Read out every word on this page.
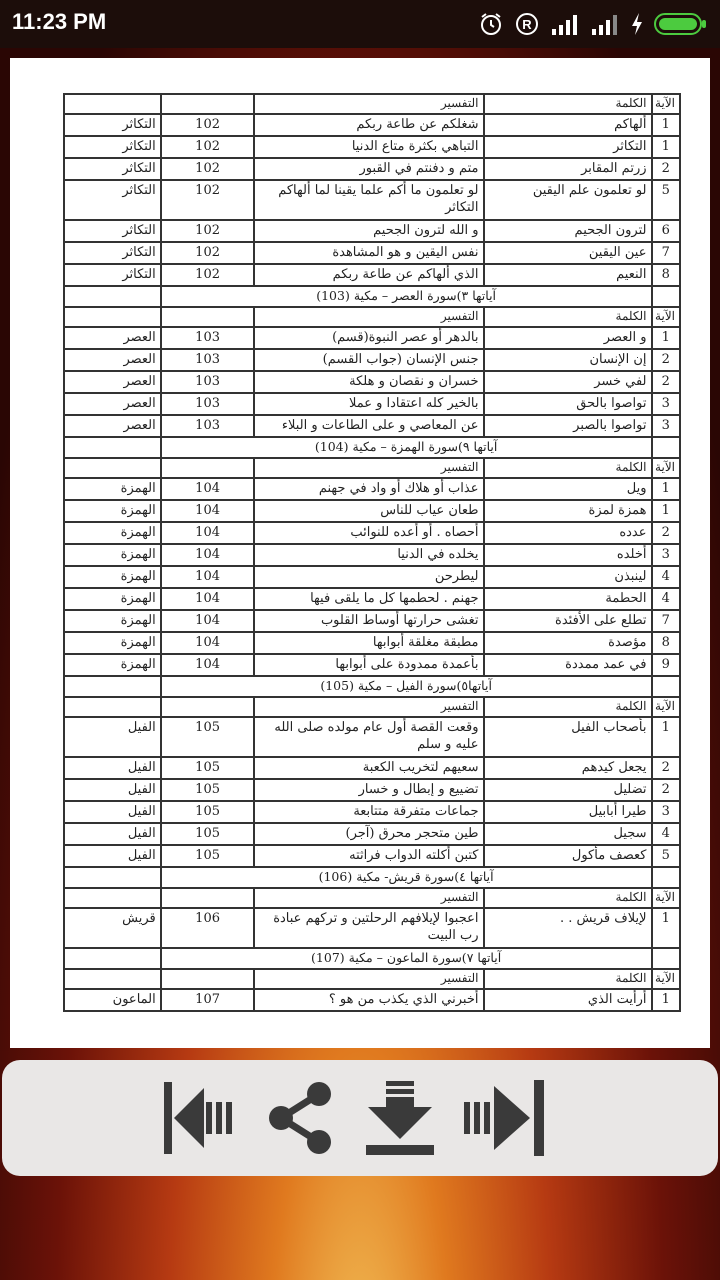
11:23 PM	R
الآية	الكلمة	التفسير		
1	ألهاكم	شغلكم عن طاعة ربكم	102	التكاثر
1	التكاثر	التباهي بكثرة متاع الدنيا	102	التكاثر
2	زرتم المقابر	متم و دفنتم في القبور	102	التكاثر
5	لو تعلمون علم اليقين	لو تعلمون ما أكم علما يقينا لما ألهاكم التكاثر	102	التكاثر
6	لترون الجحيم	و الله لترون الجحيم	102	التكاثر
7	عين اليقين	نفس اليقين و هو المشاهدة	102	التكاثر
8	النعيم	الذي ألهاكم عن طاعة ربكم	102	التكاثر
	آياتها ٣)سورة العصر – مكية (103)			
الآية	الكلمة	التفسير		
1	و العصر	بالدهر أو عصر النبوة(قسم)	103	العصر
2	إن الإنسان	جنس الإنسان (جواب القسم)	103	العصر
2	لفي خسر	خسران و نقصان و هلكة	103	العصر
3	تواصوا بالحق	بالخير كله اعتقادا و عملا	103	العصر
3	تواصوا بالصبر	عن المعاصي و على الطاعات و البلاء	103	العصر
	آياتها ٩)سورة الهمزة – مكية (104)			
الآية	الكلمة	التفسير		
1	ويل	عذاب أو هلاك أو واد في جهنم	104	الهمزة
1	همزة لمزة	طعان عياب للناس	104	الهمزة
2	عدده	أحصاه . أو أعده للنوائب	104	الهمزة
3	أخلده	يخلده في الدنيا	104	الهمزة
4	لينبذن	ليطرحن	104	الهمزة
4	الحطمة	جهنم . لحطمها كل ما يلقى فيها	104	الهمزة
7	تطلع على الأفئدة	تغشى حرارتها أوساط القلوب	104	الهمزة
8	مؤصدة	مطبقة مغلقة أبوابها	104	الهمزة
9	في عمد ممددة	بأعمدة ممدودة على أبوابها	104	الهمزة
	آياتها٥)سورة الفيل – مكية (105)			
الآية	الكلمة	التفسير		
1	بأصحاب الفيل	وقعت القصة أول عام مولده صلى الله عليه و سلم	105	الفيل
2	يجعل كيدهم	سعيهم لتخريب الكعبة	105	الفيل
2	تضليل	تضييع و إبطال و خسار	105	الفيل
3	طيرا أبابيل	جماعات متفرقة متتابعة	105	الفيل
4	سجيل	طين متحجر محرق (آجر)	105	الفيل
5	كعصف مأكول	كتبن أكلته الدواب فراثته	105	الفيل
	آياتها ٤)سورة قريش- مكية (106)			
الآية	الكلمة	التفسير		
1	لإيلاف قريش . .	اعجبوا لإيلافهم الرحلتين و تركهم عبادة رب البيت	106	قريش
	آياتها ٧)سورة الماعون – مكية (107)			
الآية	الكلمة	التفسير		
1	أرأيت الذي	أخبرني الذي يكذب من هو ؟	107	الماعون
